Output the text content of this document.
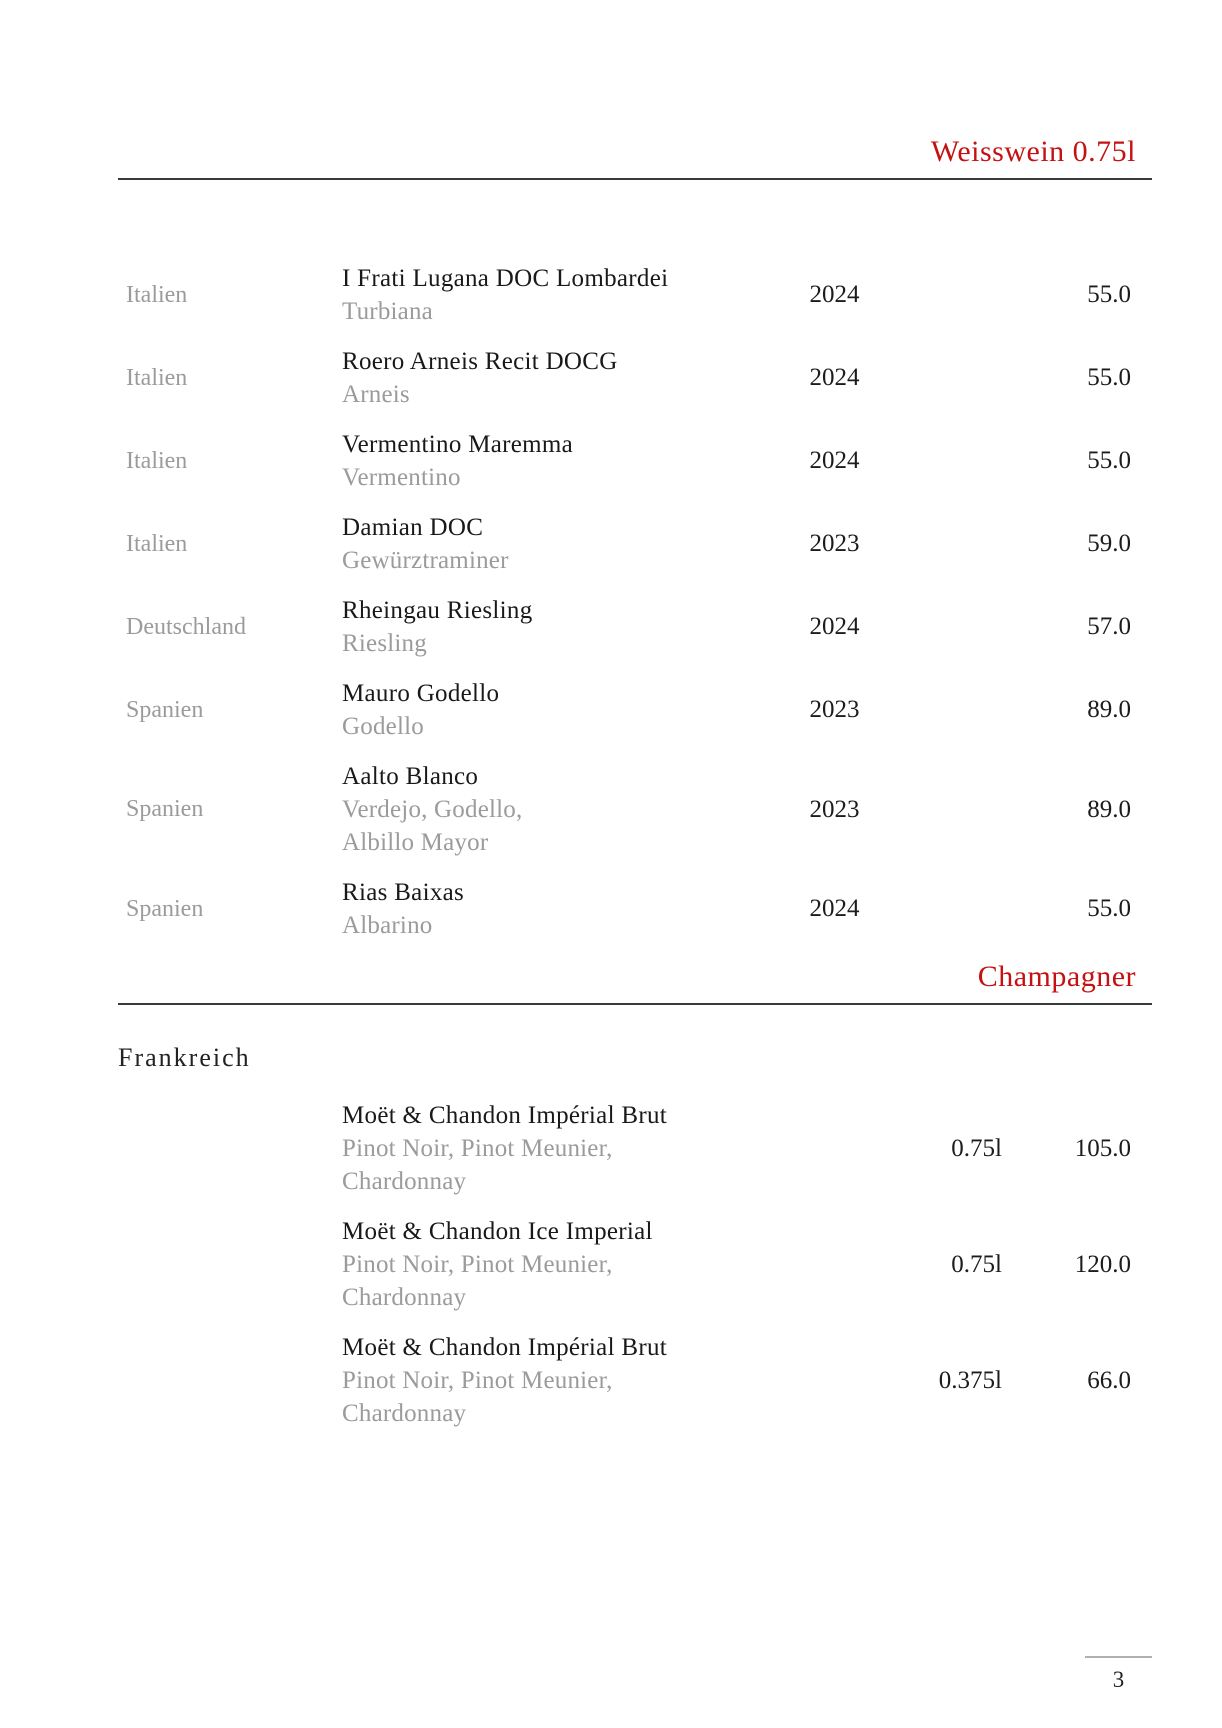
Weisswein 0.75l
Italien
I Frati Lugana DOC Lombardei
Turbiana
2024	55.0
Italien
Roero Arneis Recit DOCG
Arneis
2024	55.0
Italien
Vermentino Maremma
Vermentino
2024	55.0
Italien
Damian DOC
Gewürztraminer
2023	59.0
Deutschland
Rheingau Riesling
Riesling
2024	57.0
Spanien
Mauro Godello
Godello
2023	89.0
Spanien
Aalto Blanco
Verdejo, Godello,
Albillo Mayor
2023	89.0
Spanien
Rias Baixas
Albarino
2024	55.0
Champagner
Frankreich
Moët & Chandon Impérial Brut
Pinot Noir, Pinot Meunier,
Chardonnay
0.75l	105.0
Moët & Chandon Ice Imperial
Pinot Noir, Pinot Meunier,
Chardonnay
0.75l	120.0
Moët & Chandon Impérial Brut
Pinot Noir, Pinot Meunier,
Chardonnay
0.375l	66.0
3
